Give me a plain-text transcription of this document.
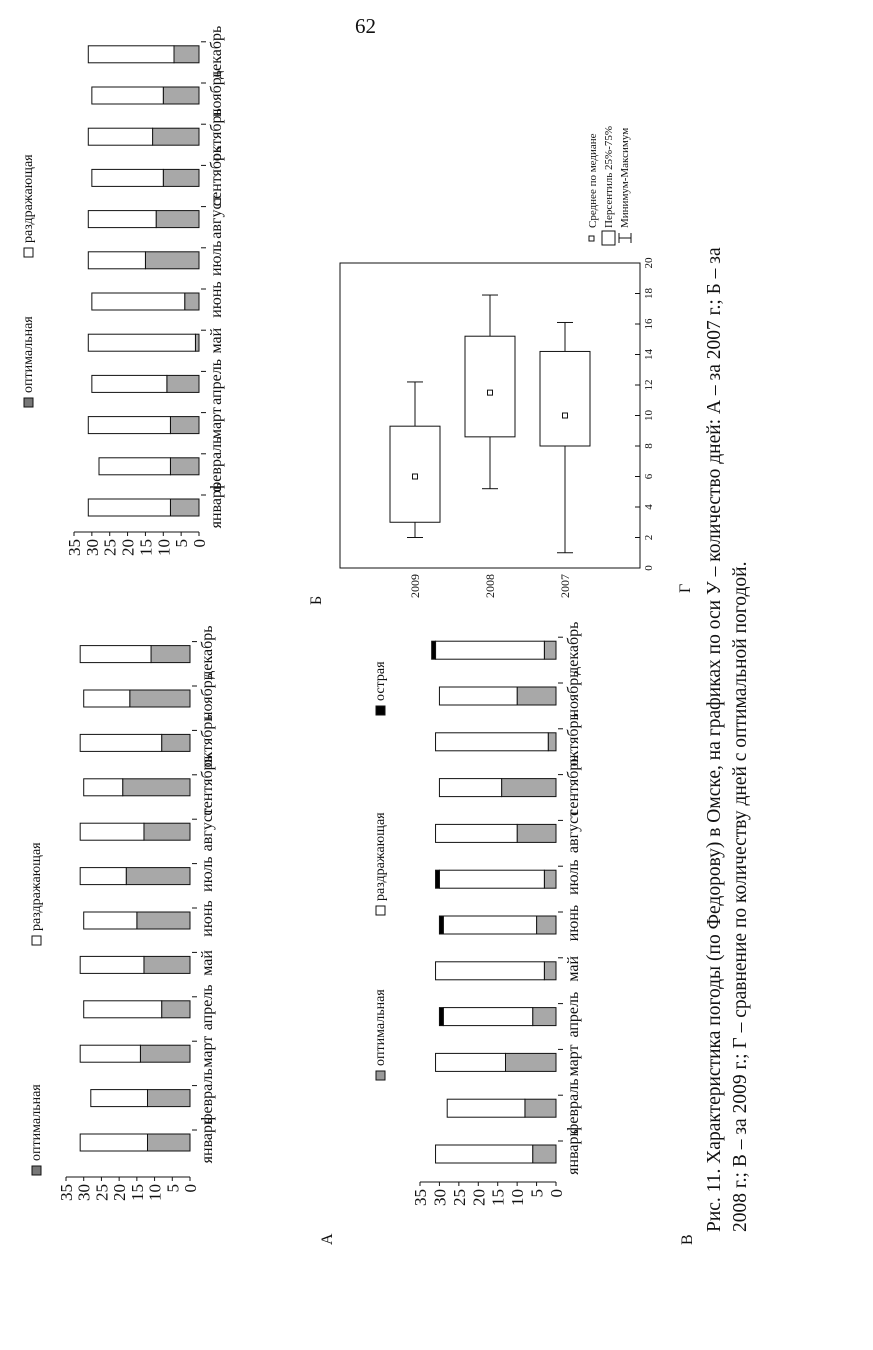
62
0
5
10
15
20
25
30
35
январь
февраль
март
апрель
май
июнь
июль
август
сентябрь
октябрь
ноябрь
декабрь
оптимальная
раздражающая
А
0
5
10
15
20
25
30
35
январь
февраль
март
апрель
май
июнь
июль
август
сентябрь
октябрь
ноябрь
декабрь
оптимальная
раздражающая
Б
0
5
10
15
20
25
30
35
январь
февраль
март
апрель
май
июнь
июль
август
сентябрь
октябрь
ноябрь
декабрь
оптимальная
раздражающая
острая
В
0
2
4
6
8
10
12
14
16
18
20
2007
2008
2009
Среднее по медиане Персентиль 25%-75% Минимум-Максимум
Г Рис. 11. Характеристика погоды (по Федорову) в Омске, на графиках по оси У – количество дней: А – за 2007 г.; Б – за 2008 г.; В – за 2009 г.; Г – сравнение по количеству дней с оптимальной погодой.
